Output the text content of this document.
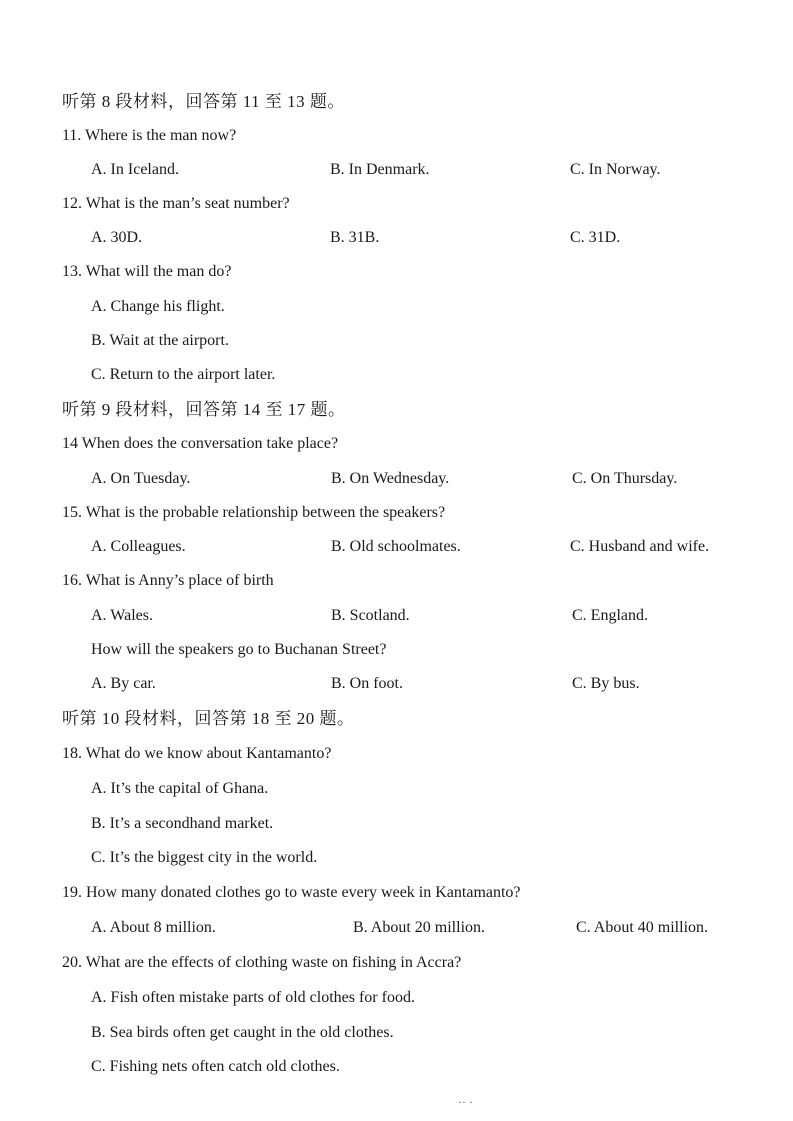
听第 8 段材料，回答第 11 至 13 题。
11. Where is the man now?
A. In Iceland.	B. In Denmark.	C. In Norway.
12. What is the man’s seat number?
A. 30D.	B. 31B.	C. 31D.
13. What will the man do?
A. Change his flight.
B. Wait at the airport.
C. Return to the airport later.
听第 9 段材料，回答第 14 至 17 题。
14 When does the conversation take place?
A. On Tuesday.	B. On Wednesday.	C. On Thursday.
15. What is the probable relationship between the speakers?
A. Colleagues.	B. Old schoolmates.	C. Husband and wife.
16. What is Anny’s place of birth
A. Wales.	B. Scotland.	C. England.
How will the speakers go to Buchanan Street?
A. By car.	B. On foot.	C. By bus.
听第 10 段材料，回答第 18 至 20 题。
18. What do we know about Kantamanto?
A. It’s the capital of Ghana.
B. It’s a secondhand market.
C. It’s the biggest city in the world.
19. How many donated clothes go to waste every week in Kantamanto?
A. About 8 million.	B. About 20 million.	C. About 40 million.
20. What are the effects of clothing waste on fishing in Accra?
A. Fish often mistake parts of old clothes for food.
B. Sea birds often get caught in the old clothes.
C. Fishing nets often catch old clothes.
·· ·
